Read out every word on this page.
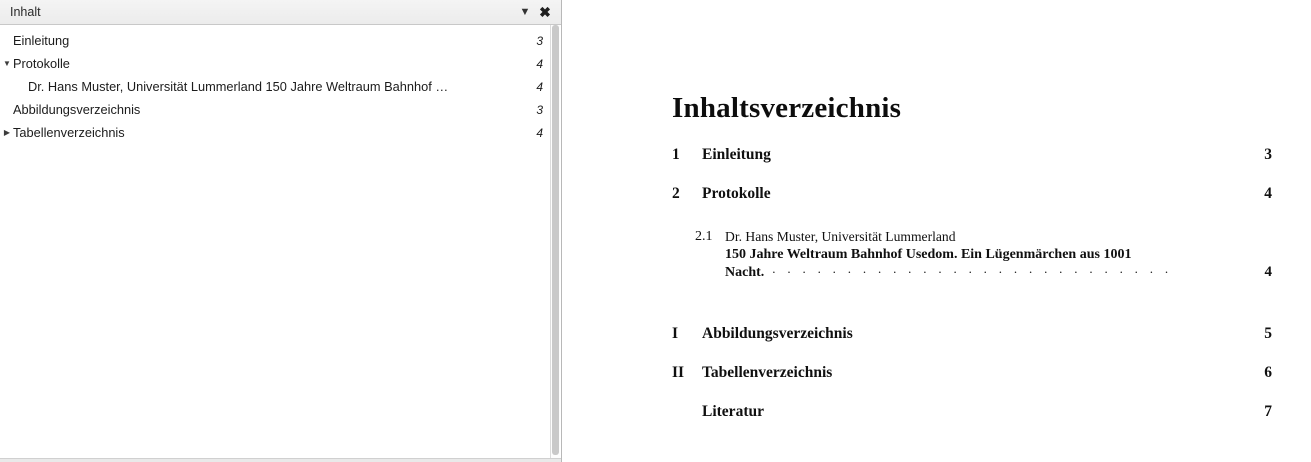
Inhalt	▼ ✖
Einleitung	3
▼ Protokolle	4
Dr. Hans Muster, Universität Lummerland 150 Jahre Weltraum Bahnhof …	4
Abbildungsverzeichnis	3
▶ Tabellenverzeichnis	4
Inhaltsverzeichnis
1	Einleitung	3
2	Protokolle	4
2.1 Dr. Hans Muster, Universität Lummerland
150 Jahre Weltraum Bahnhof Usedom. Ein Lügenmärchen aus 1001
Nacht. . . . . . . . . . . . . . . . . . . . . . . . . . . .	4
I	Abbildungsverzeichnis	5
II	Tabellenverzeichnis	6
Literatur	7
